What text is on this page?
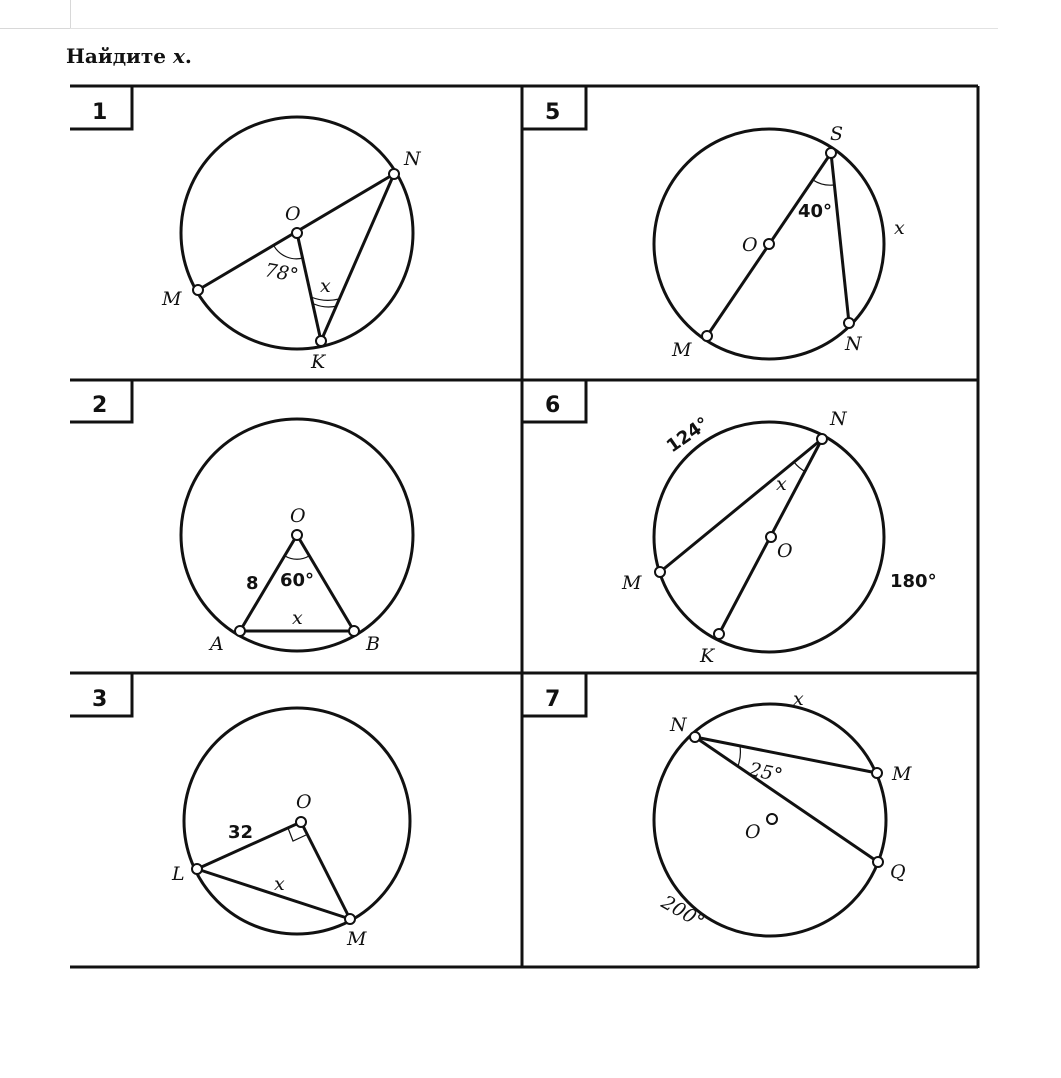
Найдите x.
1
2
3
5
6
7
O
M
N
K
78° x
O
A	B
8 60°
x
O
L
M
32
x
S
O
M	N
40°
x
N
O
M
K
124°
180°
x
N
M
Q
O
25°
200°
x
